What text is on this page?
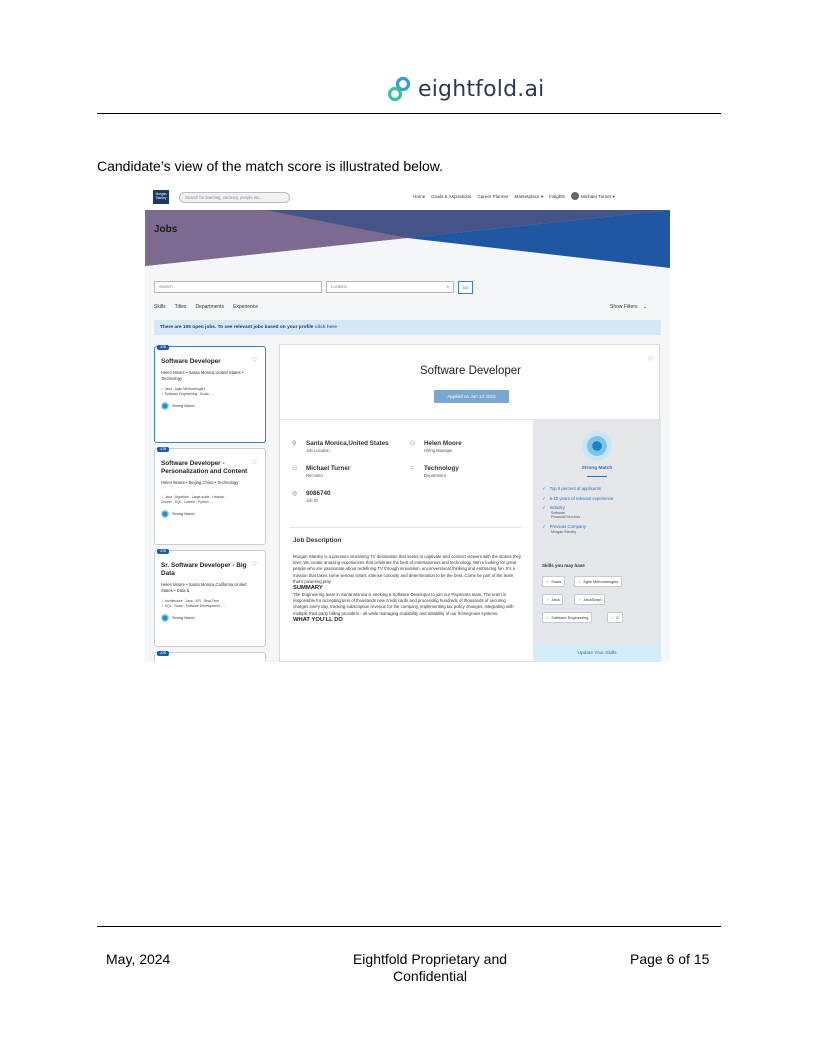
eightfold.ai

Candidate’s view of the match score is illustrated below.

Morgan
Stanley	Search for learning, vacancy, people etc...	Home Goals & Aspirations Career Planner Marketplace ▾ Insights	Michael Turner ▾
Jobs
Search	Location	⌖	Go
Skills Titles Departments Experience	Show Filters ⌄
There are 106 open jobs. To see relevant jobs based on your profile click here
JOB
♡
Software Developer
Helen Moore • Santa Monica,United States • Technology
✓ Java , Agile Methodologies ,
✓ Software Engineering , Scala , ...
Strong Match
JOB
♡
Software Developer - Personalization and Content
Helen Moore • Beijing,China • Technology
✓ Java , Algorithm , Large-scale , Hadoop ,
Docker , SQL , Lucene , Python , ...
Strong Match
JOB
♡
Sr. Software Developer - Big Data
Helen Moore • Santa Monica,California,United States • Data &
✓ Architecture , Java , API , Real-Time ,
✓ SQL , Scala , Software Development , ...
Strong Match
JOB
Software Developer
♡
Applied on Jan 14 2022
⚲ Santa Monica,United States
Job Location
⚇ Helen Moore
Hiring Manager
⚇ Michael Turner
Recruiter
⌂ Technology
Department
◎ 9086740
Job ID
Job Description
Morgan Stanley is a premium streaming TV destination that seeks to captivate and connect viewers with the stories they love. We create amazing experiences that celebrate the best of entertainment and technology. We’re looking for great people who are passionate about redefining TV through innovation, unconventional thinking and embracing fun. It’s a mission that takes some serious smart, intense curiosity and determination to be the best. Come be part of the team that’s powering play.
SUMMARY
The Engineering team in Santa Monica is seeking a Software Developer to join our Payments team. The team is responsible for accepting tens of thousands new credit cards and processing hundreds of thousands of securing charges every day, tracking subscription revenue for the company, implementing tax policy changes, integrating with multiple third party billing providers - all while managing scalability and reliability of our homegrown systems.
WHAT YOU’LL DO
Strong Match
✓ Top 5 percent of applicants
✓ 5-10 years of relevant experience
✓ Industry
Software
Financial Services
✓ Previous Company
Morgan Stanley
Skills you may have
✓ Scala	✓ Agile Methodologies
✓ Java	✓ JavaScript
✓ Software Engineering	✓ C
Update Your Skills
May, 2024	Eightfold Proprietary and
Confidential
Page 6 of 15
